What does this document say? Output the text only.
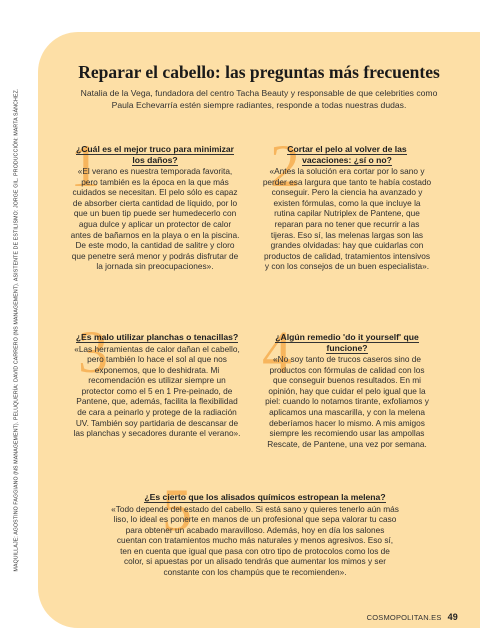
MAQUILLAJE: AGOSTINO FAGGIANO (NS MANAGEMENT). PELUQUERÍA: DAVID CARRERO (NS MANAGEMENT). ASISTENTE DE ESTILISMO: JORGE GIL. PRODUCCIÓN: MARTA SÁNCHEZ.
Reparar el cabello: las preguntas más frecuentes

Natalia de la Vega, fundadora del centro Tacha Beauty y responsable de que celebrities como Paula Echevarría estén siempre radiantes, responde a todas nuestras dudas.

1

¿Cuál es el mejor truco para minimizar los daños?

«El verano es nuestra temporada favorita, pero también es la época en la que más cuidados se necesitan. El pelo sólo es capaz de absorber cierta cantidad de líquido, por lo que un buen tip puede ser humedecerlo con agua dulce y aplicar un protector de calor antes de bañarnos en la playa o en la piscina. De este modo, la cantidad de salitre y cloro que penetre será menor y podrás disfrutar de la jornada sin preocupaciones».

2

Cortar el pelo al volver de las vacaciones: ¿sí o no?

«Antes la solución era cortar por lo sano y perder esa largura que tanto te había costado conseguir. Pero la ciencia ha avanzado y existen fórmulas, como la que incluye la rutina capilar Nutriplex de Pantene, que reparan para no tener que recurrir a las tijeras. Eso sí, las melenas largas son las grandes olvidadas: hay que cuidarlas con productos de calidad, tratamientos intensivos y con los consejos de un buen especialista».

3

¿Es malo utilizar planchas o tenacillas?

«Las herramientas de calor dañan el cabello, pero también lo hace el sol al que nos exponemos, que lo deshidrata. Mi recomendación es utilizar siempre un protector como el 5 en 1 Pre-peinado, de Pantene, que, además, facilita la flexibilidad de cara a peinarlo y protege de la radiación UV. También soy partidaria de descansar de las planchas y secadores durante el verano».

4

¿Algún remedio 'do it yourself' que funcione?

«No soy tanto de trucos caseros sino de productos con fórmulas de calidad con los que conseguir buenos resultados. En mi opinión, hay que cuidar el pelo igual que la piel: cuando lo notamos tirante, exfoliamos y aplicamos una mascarilla, y con la melena deberíamos hacer lo mismo. A mis amigos siempre les recomiendo usar las ampollas Rescate, de Pantene, una vez por semana.

5

¿Es cierto que los alisados químicos estropean la melena?

«Todo depende del estado del cabello. Si está sano y quieres tenerlo aún más liso, lo ideal es ponerte en manos de un profesional que sepa valorar tu caso para obtener un acabado maravilloso. Además, hoy en día los salones cuentan con tratamientos mucho más naturales y menos agresivos. Eso sí, ten en cuenta que igual que pasa con otro tipo de protocolos como los de color, si apuestas por un alisado tendrás que aumentar los mimos y ser constante con los champús que te recomienden».

COSMOPOLITAN.ES 49
